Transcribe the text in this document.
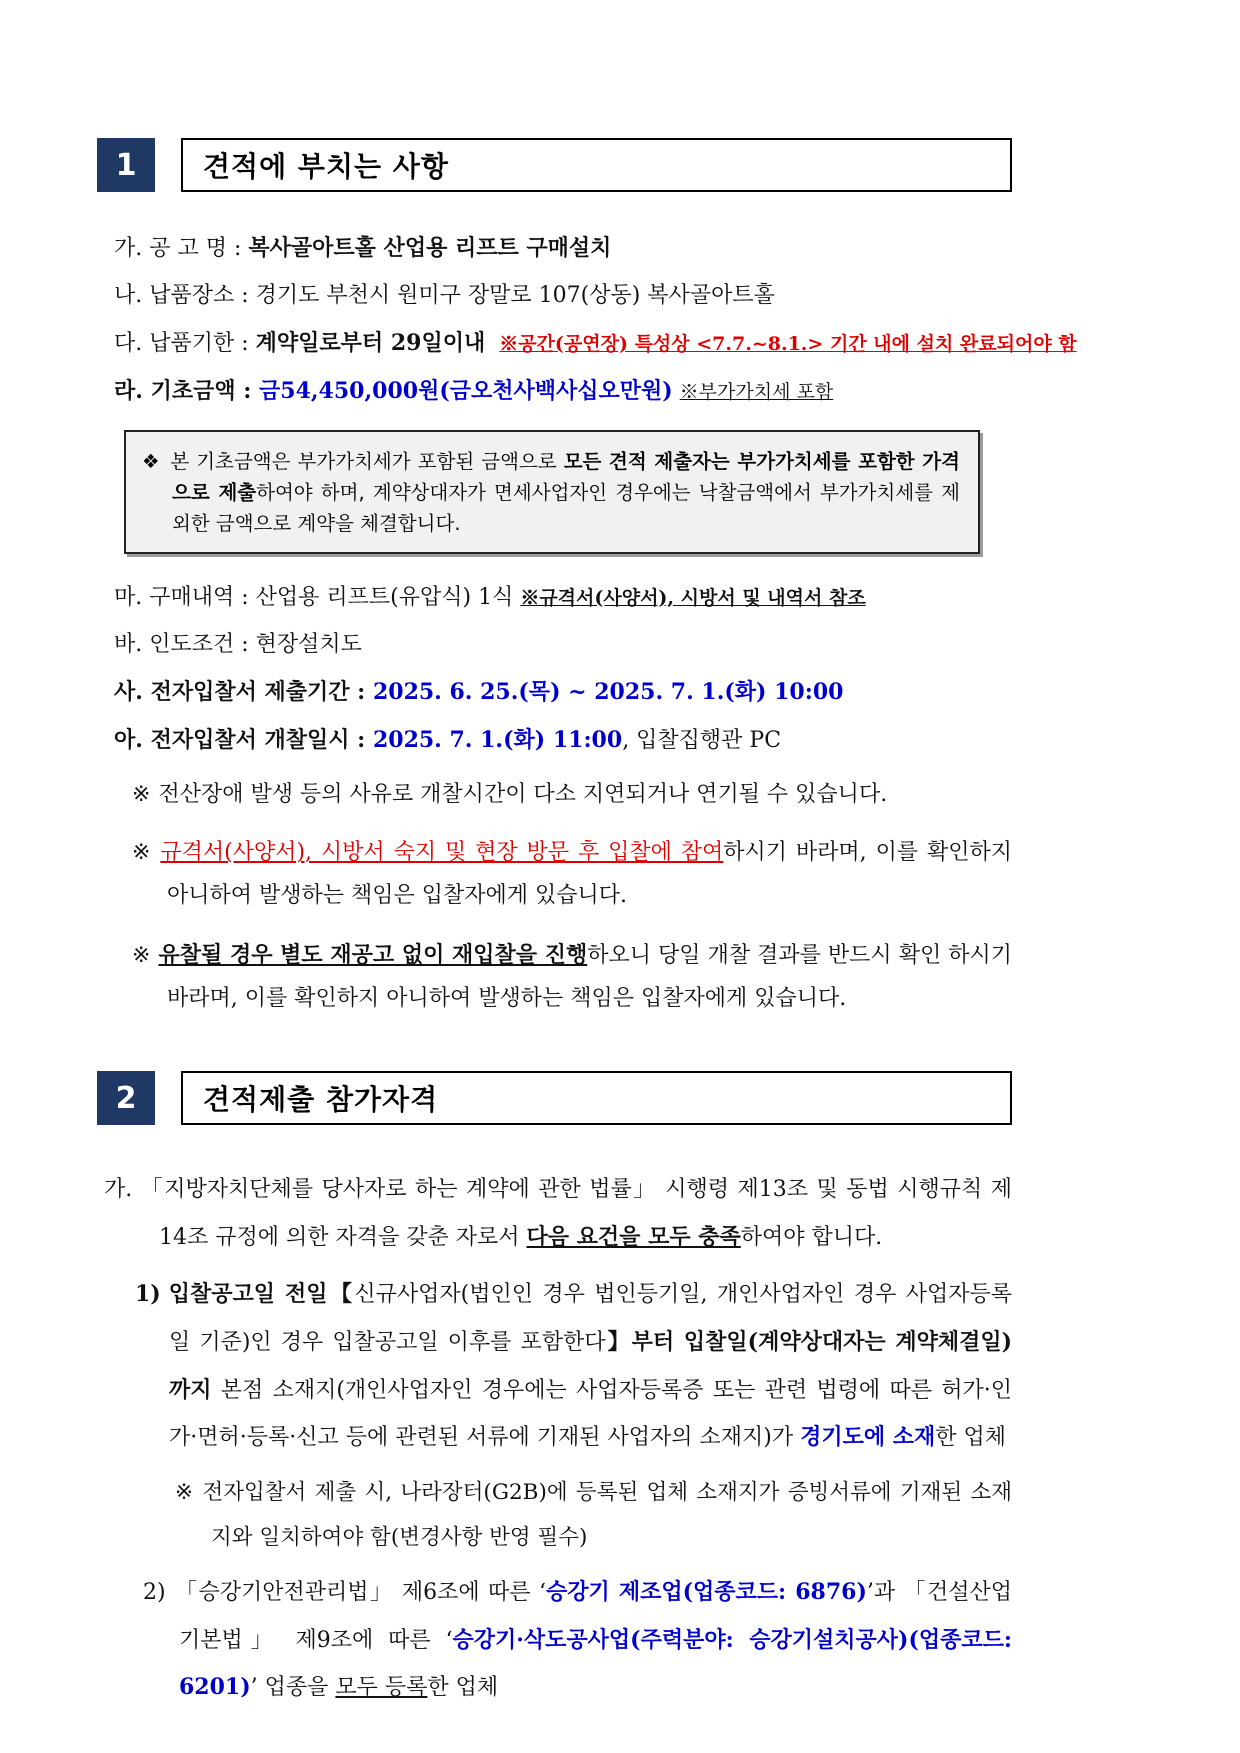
1	견적에 부치는 사항
가. 공 고 명 : 복사골아트홀 산업용 리프트 구매설치
나. 납품장소 : 경기도 부천시 원미구 장말로 107(상동) 복사골아트홀
다. 납품기한 : 계약일로부터 29일이내 ※공간(공연장) 특성상 <7.7.~8.1.> 기간 내에 설치 완료되어야 함
라. 기초금액 : 금54,450,000원(금오천사백사십오만원) ※부가가치세 포함

❖ 본 기초금액은 부가가치세가 포함된 금액으로 모든 견적 제출자는 부가가치세를 포함한 가격으로 제출하여야 하며, 계약상대자가 면세사업자인 경우에는 낙찰금액에서 부가가치세를 제외한 금액으로 계약을 체결합니다.

마. 구매내역 : 산업용 리프트(유압식) 1식 ※규격서(사양서), 시방서 및 내역서 참조
바. 인도조건 : 현장설치도
사. 전자입찰서 제출기간 : 2025. 6. 25.(목) ~ 2025. 7. 1.(화) 10:00
아. 전자입찰서 개찰일시 : 2025. 7. 1.(화) 11:00, 입찰집행관 PC
※ 전산장애 발생 등의 사유로 개찰시간이 다소 지연되거나 연기될 수 있습니다.
※ 규격서(사양서), 시방서 숙지 및 현장 방문 후 입찰에 참여하시기 바라며, 이를 확인하지 아니하여 발생하는 책임은 입찰자에게 있습니다.
※ 유찰될 경우 별도 재공고 없이 재입찰을 진행하오니 당일 개찰 결과를 반드시 확인 하시기 바라며, 이를 확인하지 아니하여 발생하는 책임은 입찰자에게 있습니다.
2	견적제출 참가자격
가. 「지방자치단체를 당사자로 하는 계약에 관한 법률」 시행령 제13조 및 동법 시행규칙 제14조 규정에 의한 자격을 갖춘 자로서 다음 요건을 모두 충족하여야 합니다.
1) 입찰공고일 전일【신규사업자(법인인 경우 법인등기일, 개인사업자인 경우 사업자등록일 기준)인 경우 입찰공고일 이후를 포함한다】부터 입찰일(계약상대자는 계약체결일)까지 본점 소재지(개인사업자인 경우에는 사업자등록증 또는 관련 법령에 따른 허가·인가·면허·등록·신고 등에 관련된 서류에 기재된 사업자의 소재지)가 경기도에 소재한 업체
※ 전자입찰서 제출 시, 나라장터(G2B)에 등록된 업체 소재지가 증빙서류에 기재된 소재지와 일치하여야 함(변경사항 반영 필수)
2) 「승강기안전관리법」 제6조에 따른 ‘승강기 제조업(업종코드: 6876)’과 「건설산업 기본법」 제9조에 따른 ‘승강기·삭도공사업(주력분야: 승강기설치공사)(업종코드: 6201)’ 업종을 모두 등록한 업체
